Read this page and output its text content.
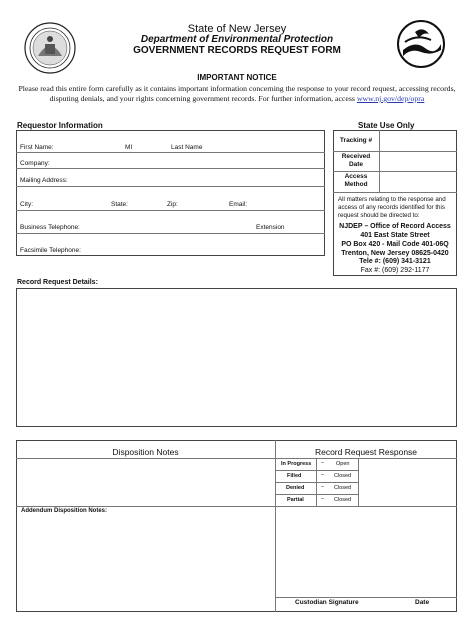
State of New Jersey
Department of Environmental Protection
GOVERNMENT RECORDS REQUEST FORM
IMPORTANT NOTICE
Please read this entire form carefully as it contains important information concerning the response to your record request, accessing records, disputing denials, and your rights concerning government records. For further information, access www.nj.gov/dep/opra
Requestor Information
First Name:	MI	Last Name
Company:
Mailing Address:
City:	State:	Zip:	Email:
Business Telephone:	Extension
Facsimile Telephone:
State Use Only
Tracking #
Received
Date
Access
Method
All matters relating to the response and
access of any records identified for this
request should be directed to:
NJDEP – Office of Record Access
401 East State Street
PO Box 420 - Mail Code 401-06Q
Trenton, New Jersey 08625-0420
Tele #: (609) 341-3121
Fax #: (609) 292-1177
Record Request Details:
Disposition Notes	Record Request Response
In Progress – Open
Filled	– Closed
Denied	– Closed
Partial	– Closed
Addendum Disposition Notes:
Custodian Signature	Date
